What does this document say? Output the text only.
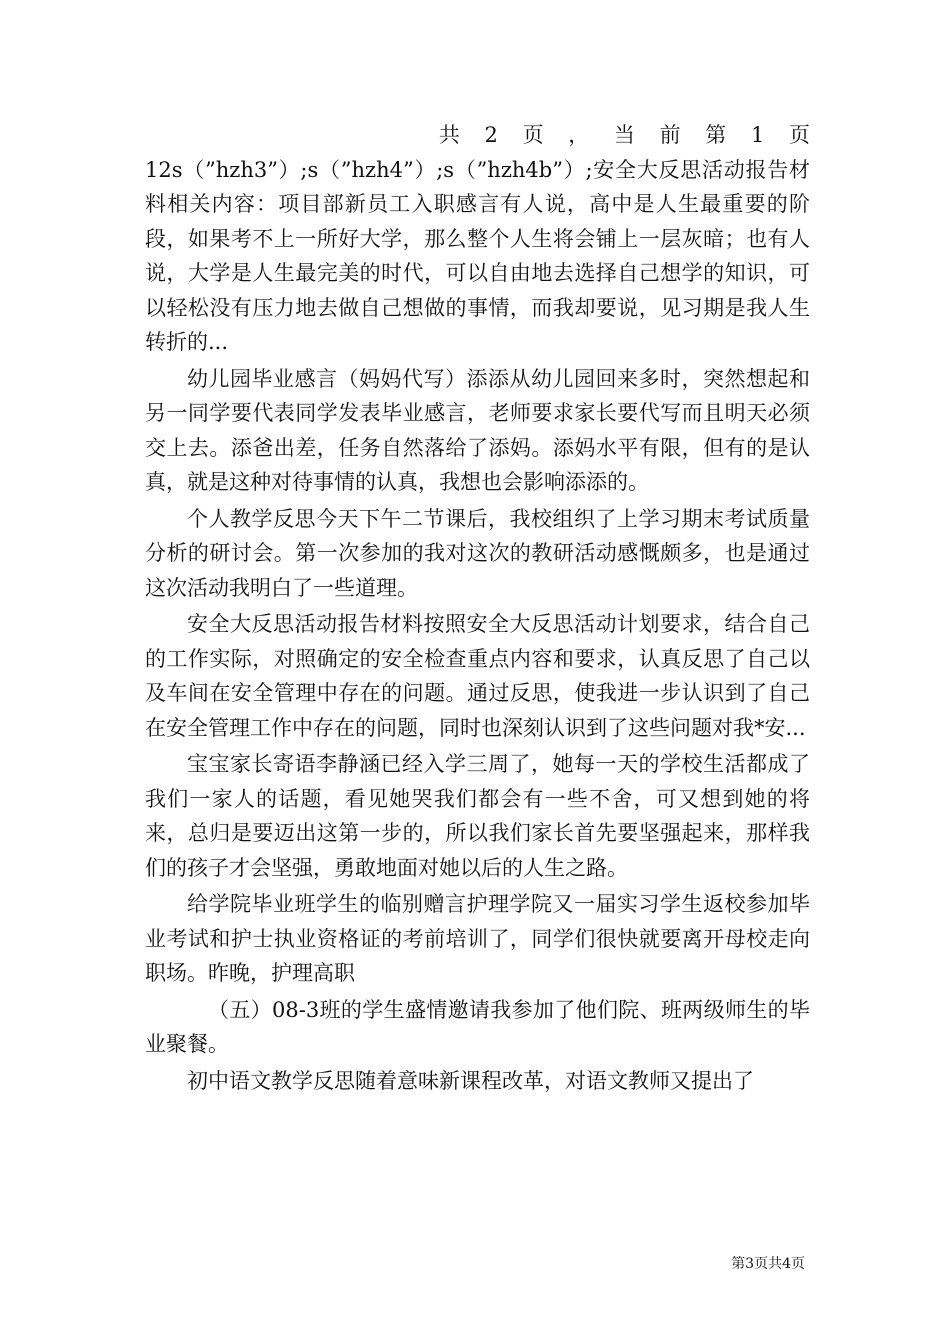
共 2 页 ， 当 前 第 1 页

12s（”hzh3”）;s（”hzh4”）;s（”hzh4b”）;安全大反思活动报告材料相关内容：项目部新员工入职感言有人说，高中是人生最重要的阶段，如果考不上一所好大学，那么整个人生将会铺上一层灰暗；也有人说，大学是人生最完美的时代，可以自由地去选择自己想学的知识，可以轻松没有压力地去做自己想做的事情，而我却要说，见习期是我人生转折的...

幼儿园毕业感言（妈妈代写）添添从幼儿园回来多时，突然想起和另一同学要代表同学发表毕业感言，老师要求家长要代写而且明天必须交上去。添爸出差，任务自然落给了添妈。添妈水平有限，但有的是认真，就是这种对待事情的认真，我想也会影响添添的。

个人教学反思今天下午二节课后，我校组织了上学习期末考试质量分析的研讨会。第一次参加的我对这次的教研活动感慨颇多，也是通过这次活动我明白了一些道理。

安全大反思活动报告材料按照安全大反思活动计划要求，结合自己的工作实际，对照确定的安全检查重点内容和要求，认真反思了自己以及车间在安全管理中存在的问题。通过反思，使我进一步认识到了自己在安全管理工作中存在的问题，同时也深刻认识到了这些问题对我*安...

宝宝家长寄语李静涵已经入学三周了，她每一天的学校生活都成了我们一家人的话题，看见她哭我们都会有一些不舍，可又想到她的将来，总归是要迈出这第一步的，所以我们家长首先要坚强起来，那样我们的孩子才会坚强，勇敢地面对她以后的人生之路。

给学院毕业班学生的临别赠言护理学院又一届实习学生返校参加毕业考试和护士执业资格证的考前培训了，同学们很快就要离开母校走向职场。昨晚，护理高职

（五）08-3班的学生盛情邀请我参加了他们院、班两级师生的毕业聚餐。

初中语文教学反思随着意味新课程改革，对语文教师又提出了

第3页共4页
